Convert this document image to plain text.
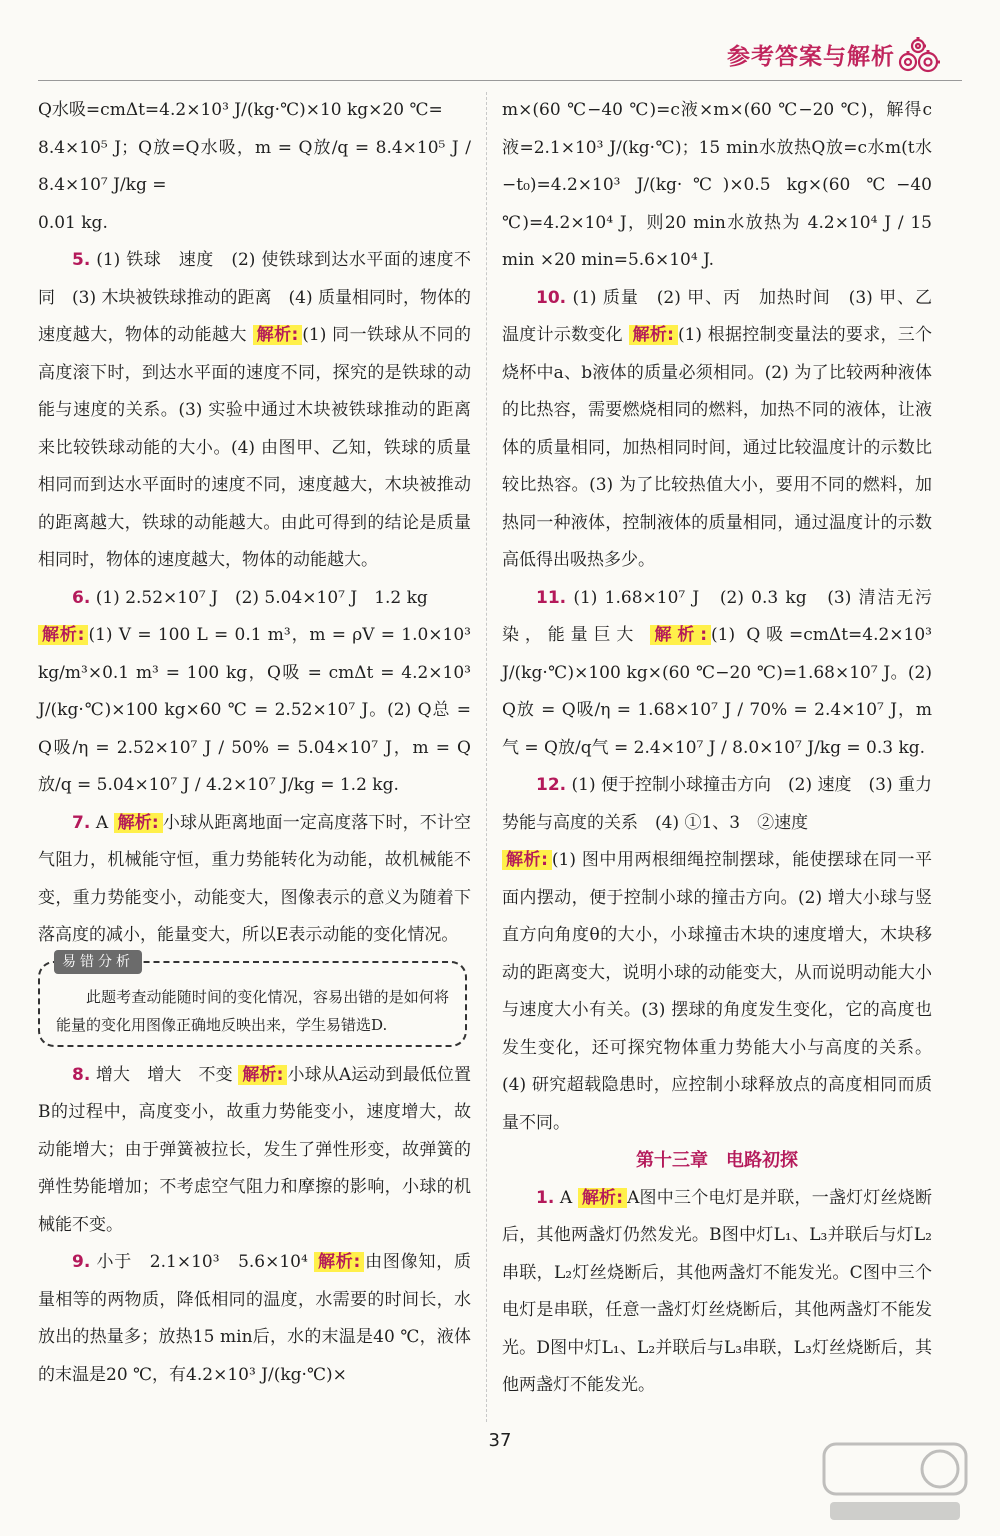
参考答案与解析

Q水吸=cmΔt=4.2×10³ J/(kg·℃)×10 kg×20 ℃=

8.4×10⁵ J；Q放=Q水吸，m = Q放/q = 8.4×10⁵ J / 8.4×10⁷ J/kg =

0.01 kg.

5. (1) 铁球　速度　(2) 使铁球到达水平面的速度不同　(3) 木块被铁球推动的距离　(4) 质量相同时，物体的速度越大，物体的动能越大 解析: (1) 同一铁球从不同的高度滚下时，到达水平面的速度不同，探究的是铁球的动能与速度的关系。(3) 实验中通过木块被铁球推动的距离来比较铁球动能的大小。(4) 由图甲、乙知，铁球的质量相同而到达水平面时的速度不同，速度越大，木块被推动的距离越大，铁球的动能越大。由此可得到的结论是质量相同时，物体的速度越大，物体的动能越大。

6. (1) 2.52×10⁷ J　(2) 5.04×10⁷ J　1.2 kg

解析: (1) V = 100 L = 0.1 m³，m = ρV = 1.0×10³ kg/m³×0.1 m³ = 100 kg，Q吸 = cmΔt = 4.2×10³ J/(kg·℃)×100 kg×60 ℃ = 2.52×10⁷ J。(2) Q总 = Q吸/η = 2.52×10⁷ J / 50% = 5.04×10⁷ J，m = Q放/q = 5.04×10⁷ J / 4.2×10⁷ J/kg = 1.2 kg.

7. A 解析: 小球从距离地面一定高度落下时，不计空气阻力，机械能守恒，重力势能转化为动能，故机械能不变，重力势能变小，动能变大，图像表示的意义为随着下落高度的减小，能量变大，所以E表示动能的变化情况。

易错分析

此题考查动能随时间的变化情况，容易出错的是如何将能量的变化用图像正确地反映出来，学生易错选D.

8. 增大　增大　不变 解析: 小球从A运动到最低位置B的过程中，高度变小，故重力势能变小，速度增大，故动能增大；由于弹簧被拉长，发生了弹性形变，故弹簧的弹性势能增加；不考虑空气阻力和摩擦的影响，小球的机械能不变。

9. 小于　2.1×10³　5.6×10⁴ 解析: 由图像知，质量相等的两物质，降低相同的温度，水需要的时间长，水放出的热量多；放热15 min后，水的末温是40 ℃，液体的末温是20 ℃，有4.2×10³ J/(kg·℃)×

m×(60 ℃−40 ℃)=c液×m×(60 ℃−20 ℃)，解得c液=2.1×10³ J/(kg·℃)；15 min水放热Q放=c水m(t水−t₀)=4.2×10³ J/(kg·℃)×0.5 kg×(60 ℃−40 ℃)=4.2×10⁴ J，则20 min水放热为 4.2×10⁴ J / 15 min ×20 min=5.6×10⁴ J.

10. (1) 质量　(2) 甲、丙　加热时间　(3) 甲、乙　温度计示数变化 解析: (1) 根据控制变量法的要求，三个烧杯中a、b液体的质量必须相同。(2) 为了比较两种液体的比热容，需要燃烧相同的燃料，加热不同的液体，让液体的质量相同，加热相同时间，通过比较温度计的示数比较比热容。(3) 为了比较热值大小，要用不同的燃料，加热同一种液体，控制液体的质量相同，通过温度计的示数高低得出吸热多少。

11. (1) 1.68×10⁷ J　(2) 0.3 kg　(3) 清洁无污染，能量巨大 解析: (1) Q吸=cmΔt=4.2×10³ J/(kg·℃)×100 kg×(60 ℃−20 ℃)=1.68×10⁷ J。(2) Q放 = Q吸/η = 1.68×10⁷ J / 70% = 2.4×10⁷ J，m气 = Q放/q气 = 2.4×10⁷ J / 8.0×10⁷ J/kg = 0.3 kg.

12. (1) 便于控制小球撞击方向　(2) 速度　(3) 重力势能与高度的关系　(4) ①1、3　②速度

解析: (1) 图中用两根细绳控制摆球，能使摆球在同一平面内摆动，便于控制小球的撞击方向。(2) 增大小球与竖直方向角度θ的大小，小球撞击木块的速度增大，木块移动的距离变大，说明小球的动能变大，从而说明动能大小与速度大小有关。(3) 摆球的角度发生变化，它的高度也发生变化，还可探究物体重力势能大小与高度的关系。(4) 研究超载隐患时，应控制小球释放点的高度相同而质量不同。

第十三章　电路初探

1. A 解析: A图中三个电灯是并联，一盏灯灯丝烧断后，其他两盏灯仍然发光。B图中灯L₁、L₃并联后与灯L₂串联，L₂灯丝烧断后，其他两盏灯不能发光。C图中三个电灯是串联，任意一盏灯灯丝烧断后，其他两盏灯不能发光。D图中灯L₁、L₂并联后与L₃串联，L₃灯丝烧断后，其他两盏灯不能发光。

37
